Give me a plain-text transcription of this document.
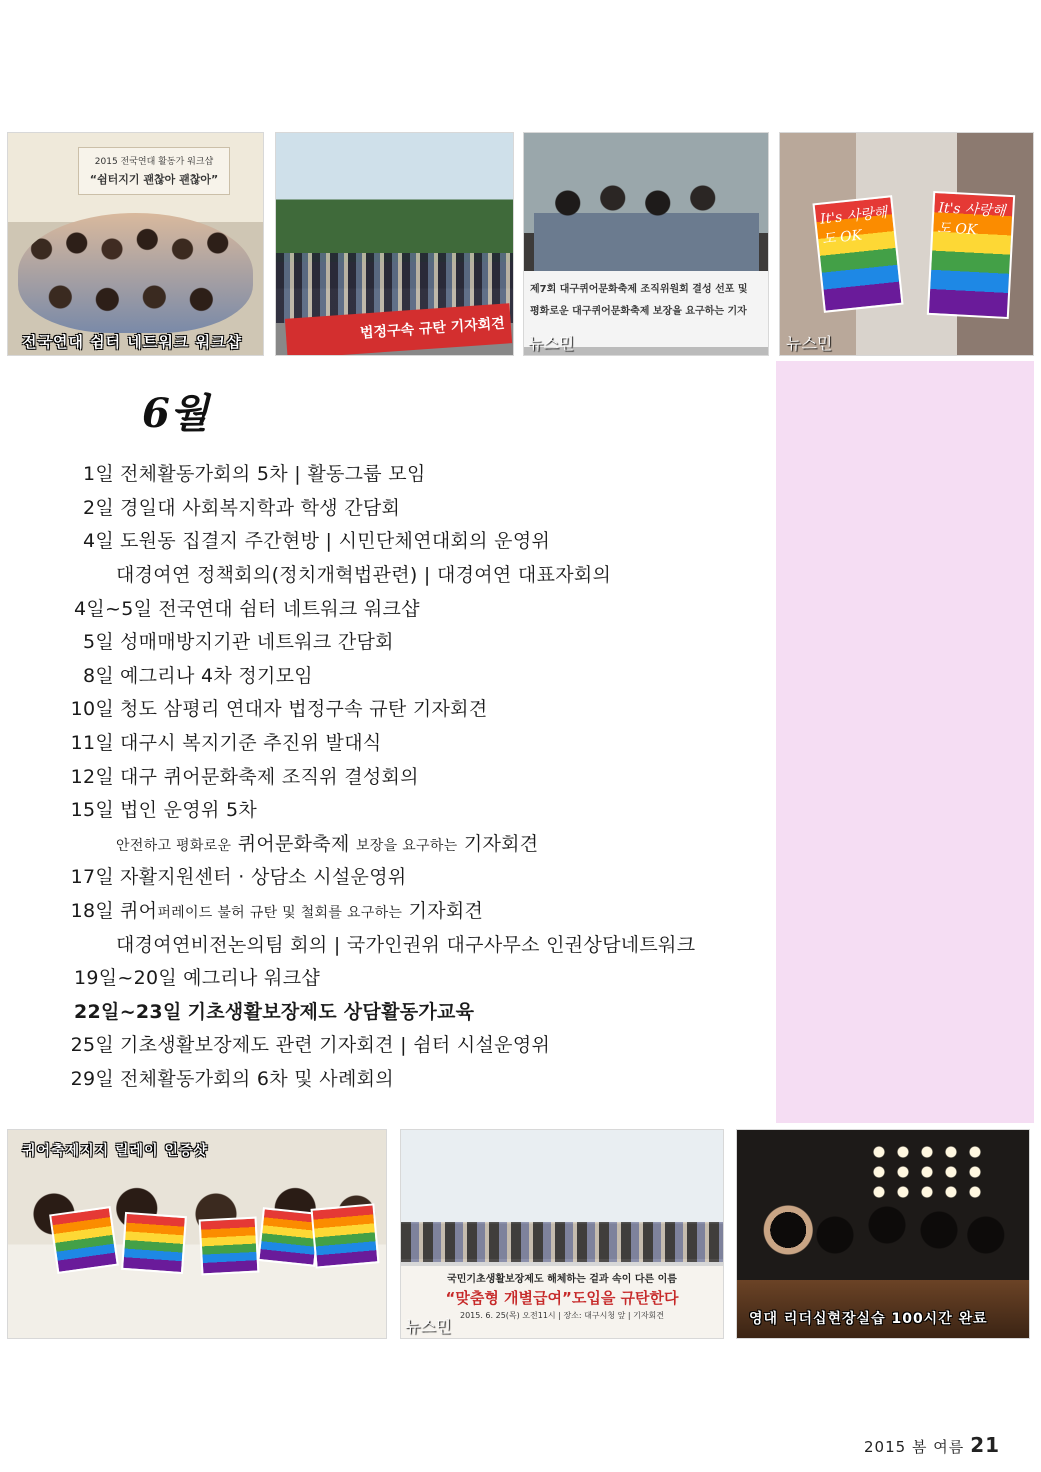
2015 전국연대 활동가 워크샵
“쉼터지기 괜찮아 괜찮아”
전국연대 쉼터 네트워크 워크샵
법정구속 규탄 기자회견
제7회 대구퀴어문화축제 조직위원회 결성 선포 및
평화로운 대구퀴어문화축제 보장을 요구하는 기자
뉴스민
It's 사랑해도 OK
It's 사랑해도 OK
뉴스민
6월
1일 전체활동가회의 5차 | 활동그룹 모임
2일 경일대 사회복지학과 학생 간담회
4일 도원동 집결지 주간현방 | 시민단체연대회의 운영위
대경여연 정책회의(정치개혁법관련) | 대경여연 대표자회의
4일~5일 전국연대 쉼터 네트워크 워크샵
5일 성매매방지기관 네트워크 간담회
8일 예그리나 4차 정기모임
10일 청도 삼평리 연대자 법정구속 규탄 기자회견
11일 대구시 복지기준 추진위 발대식
12일 대구 퀴어문화축제 조직위 결성회의
15일 법인 운영위 5차
안전하고 평화로운 퀴어문화축제 보장을 요구하는 기자회견
17일 자활지원센터 · 상담소 시설운영위
18일 퀴어퍼레이드 불허 규탄 및 철회를 요구하는 기자회견
대경여연비전논의팀 회의 | 국가인권위 대구사무소 인권상담네트워크
19일~20일 예그리나 워크샵
22일~23일 기초생활보장제도 상담활동가교육
25일 기초생활보장제도 관련 기자회견 | 쉼터 시설운영위
29일 전체활동가회의 6차 및 사례회의
퀴어축제지지 릴레이 인증샷
국민기초생활보장제도 해체하는 겉과 속이 다른 이름
“맞춤형 개별급여”도입을 규탄한다
2015. 6. 25(목) 오전11시 | 장소: 대구시청 앞 | 기자회견
뉴스민	영대 리더십현장실습 100시간 완료
2015 봄 여름 21
